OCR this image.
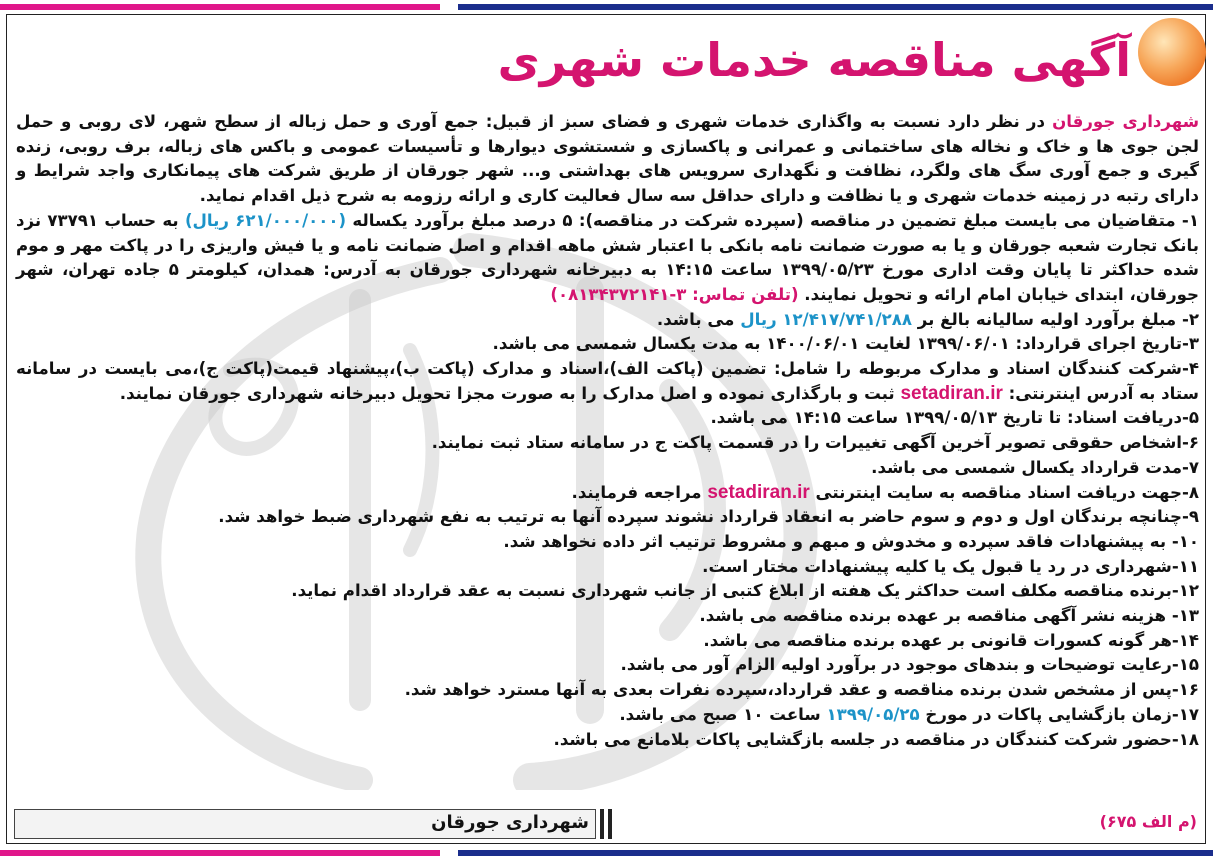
آگهی مناقصه خدمات شهری

شهرداری جورقان در نظر دارد نسبت به واگذاری خدمات شهری و فضای سبز از قبیل: جمع آوری و حمل زباله از سطح شهر، لای روبی و حمل لجن جوی ها و خاک و نخاله های ساختمانی و عمرانی و پاکسازی و شستشوی دیوارها و تأسیسات عمومی و باکس های زباله، برف روبی، زنده گیری و جمع آوری سگ های ولگرد، نظافت و نگهداری سرویس های بهداشتی و... شهر جورقان از طریق شرکت های پیمانکاری واجد شرایط و دارای رتبه در زمینه خدمات شهری و یا نظافت و دارای حداقل سه سال فعالیت کاری و ارائه رزومه به شرح ذیل اقدام نماید.

۱- متقاضیان می بایست مبلغ تضمین در مناقصه (سپرده شرکت در مناقصه): ۵ درصد مبلغ برآورد یکساله (۶۲۱/۰۰۰/۰۰۰ ریال) به حساب ۷۳۷۹۱ نزد بانک تجارت شعبه جورقان و یا به صورت ضمانت نامه بانکی با اعتبار شش ماهه اقدام و اصل ضمانت نامه و یا فیش واریزی را در پاکت مهر و موم شده حداکثر تا پایان وقت اداری مورخ ۱۳۹۹/۰۵/۲۳ ساعت ۱۴:۱۵ به دبیرخانه شهرداری جورقان به آدرس: همدان، کیلومتر ۵ جاده تهران، شهر جورقان، ابتدای خیابان امام ارائه و تحویل نمایند. (تلفن تماس: ۳-۰۸۱۳۴۳۷۲۱۴۱)

۲- مبلغ برآورد اولیه سالیانه بالغ بر ۱۲/۴۱۷/۷۴۱/۲۸۸ ریال می باشد.

۳-تاریخ اجرای قرارداد: ۱۳۹۹/۰۶/۰۱ لغایت ۱۴۰۰/۰۶/۰۱ به مدت یکسال شمسی می باشد.

۴-شرکت کنندگان اسناد و مدارک مربوطه را شامل: تضمین (پاکت الف)،اسناد و مدارک (پاکت ب)،پیشنهاد قیمت(پاکت ج)،می بایست در سامانه ستاد به آدرس اینترنتی: setadiran.ir ثبت و بارگذاری نموده و اصل مدارک را به صورت مجزا تحویل دبیرخانه شهرداری جورقان نمایند.

۵-دریافت اسناد: تا تاریخ ۱۳۹۹/۰۵/۱۳ ساعت ۱۴:۱۵ می باشد.

۶-اشخاص حقوقی تصویر آخرین آگهی تغییرات را در قسمت پاکت ج در سامانه ستاد ثبت نمایند.

۷-مدت قرارداد یکسال شمسی می باشد.

۸-جهت دریافت اسناد مناقصه به سایت اینترنتی setadiran.ir مراجعه فرمایند.

۹-چنانچه برندگان اول و دوم و سوم حاضر به انعقاد قرارداد نشوند سپرده آنها به ترتیب به نفع شهرداری ضبط خواهد شد.

۱۰- به پیشنهادات فاقد سپرده و مخدوش و مبهم و مشروط ترتیب اثر داده نخواهد شد.

۱۱-شهرداری در رد یا قبول یک یا کلیه پیشنهادات مختار است.

۱۲-برنده مناقصه مکلف است حداکثر یک هفته از ابلاغ کتبی از جانب شهرداری نسبت به عقد قرارداد اقدام نماید.

۱۳- هزینه نشر آگهی مناقصه بر عهده برنده مناقصه می باشد.

۱۴-هر گونه کسورات قانونی بر عهده برنده مناقصه می باشد.

۱۵-رعایت توضیحات و بندهای موجود در برآورد اولیه الزام آور می باشد.

۱۶-پس از مشخص شدن برنده مناقصه و عقد قرارداد،سپرده نفرات بعدی به آنها مسترد خواهد شد.

۱۷-زمان بازگشایی پاکات در مورخ ۱۳۹۹/۰۵/۲۵ ساعت ۱۰ صبح می باشد.

۱۸-حضور شرکت کنندگان در مناقصه در جلسه بازگشایی پاکات بلامانع می باشد.

شهرداری جورقان	(م الف ۶۷۵)
